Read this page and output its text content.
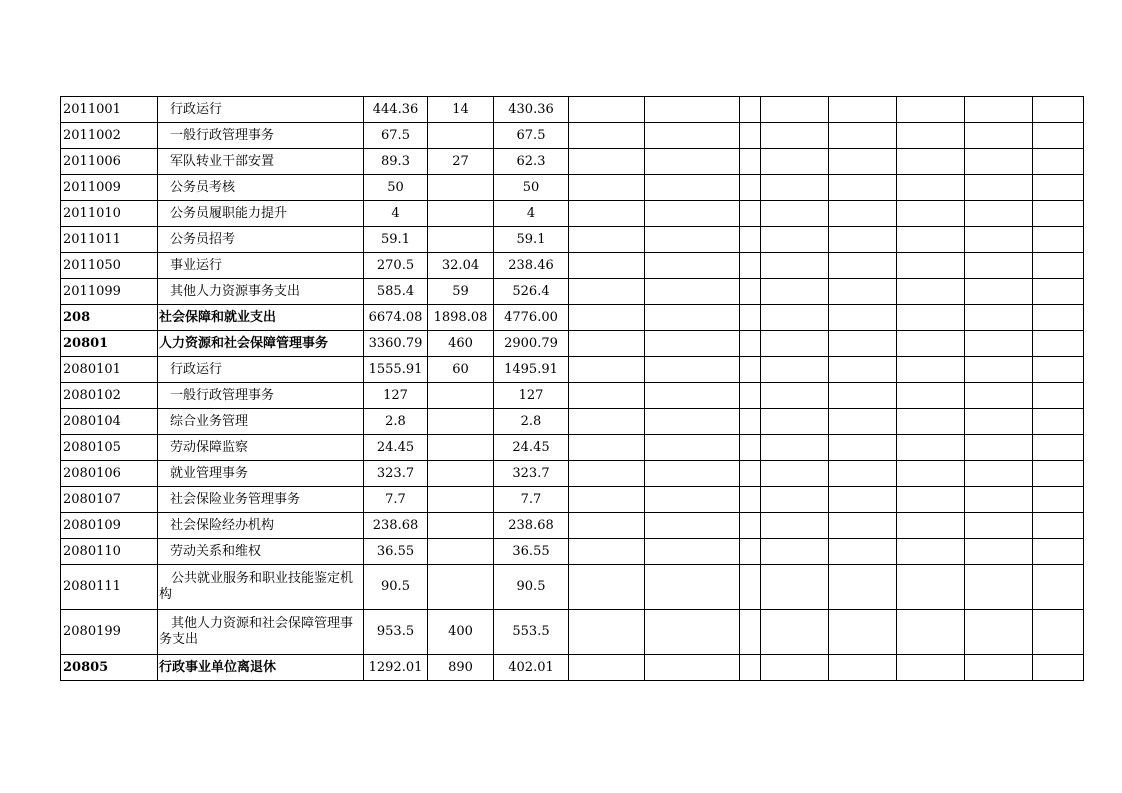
2011001	行政运行	444.36	14	430.36								
2011002	一般行政管理事务	67.5		67.5								
2011006	军队转业干部安置	89.3	27	62.3								
2011009	公务员考核	50		50								
2011010	公务员履职能力提升	4		4								
2011011	公务员招考	59.1		59.1								
2011050	事业运行	270.5	32.04	238.46								
2011099	其他人力资源事务支出	585.4	59	526.4								
208	社会保障和就业支出	6674.08	1898.08	4776.00								
20801	人力资源和社会保障管理事务	3360.79	460	2900.79								
2080101	行政运行	1555.91	60	1495.91								
2080102	一般行政管理事务	127		127								
2080104	综合业务管理	2.8		2.8								
2080105	劳动保障监察	24.45		24.45								
2080106	就业管理事务	323.7		323.7								
2080107	社会保险业务管理事务	7.7		7.7								
2080109	社会保险经办机构	238.68		238.68								
2080110	劳动关系和维权	36.55		36.55								
2080111	公共就业服务和职业技能鉴定机构	90.5		90.5								
2080199	其他人力资源和社会保障管理事务支出	953.5	400	553.5								
20805	行政事业单位离退休	1292.01	890	402.01								
